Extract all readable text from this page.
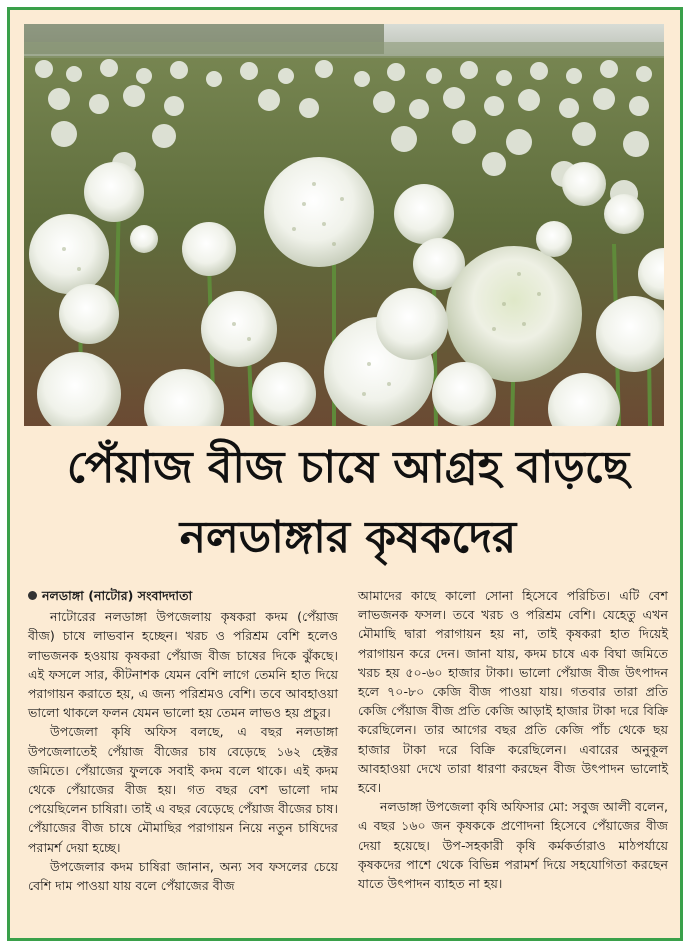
পেঁয়াজ বীজ চাষে আগ্রহ বাড়ছে
নলডাঙ্গার কৃষকদের
নলডাঙ্গা (নাটোর) সংবাদদাতা

নাটোরের নলডাঙ্গা উপজেলায় কৃষকরা কদম (পেঁয়াজ বীজ) চাষে লাভবান হচ্ছেন। খরচ ও পরিশ্রম বেশি হলেও লাভজনক হওয়ায় কৃষকরা পেঁয়াজ বীজ চাষের দিকে ঝুঁকছে। এই ফসলে সার, কীটনাশক যেমন বেশি লাগে তেমনি হাত দিয়ে পরাগায়ন করাতে হয়, এ জন্য পরিশ্রমও বেশি। তবে আবহাওয়া ভালো থাকলে ফলন যেমন ভালো হয় তেমন লাভও হয় প্রচুর।

উপজেলা কৃষি অফিস বলছে, এ বছর নলডাঙ্গা উপজেলাতেই পেঁয়াজ বীজের চাষ বেড়েছে ১৬২ হেক্টর জমিতে। পেঁয়াজের ফুলকে সবাই কদম বলে থাকে। এই কদম থেকে পেঁয়াজের বীজ হয়। গত বছর বেশ ভালো দাম পেয়েছিলেন চাষিরা। তাই এ বছর বেড়েছে পেঁয়াজ বীজের চাষ। পেঁয়াজের বীজ চাষে মৌমাছির পরাগায়ন নিয়ে নতুন চাষিদের পরামর্শ দেয়া হচ্ছে।

উপজেলার কদম চাষিরা জানান, অন্য সব ফসলের চেয়ে বেশি দাম পাওয়া যায় বলে পেঁয়াজের বীজ

আমাদের কাছে কালো সোনা হিসেবে পরিচিত। এটি বেশ লাভজনক ফসল। তবে খরচ ও পরিশ্রম বেশি। যেহেতু এখন মৌমাছি দ্বারা পরাগায়ন হয় না, তাই কৃষকরা হাত দিয়েই পরাগায়ন করে দেন। জানা যায়, কদম চাষে এক বিঘা জমিতে খরচ হয় ৫০-৬০ হাজার টাকা। ভালো পেঁয়াজ বীজ উৎপাদন হলে ৭০-৮০ কেজি বীজ পাওয়া যায়। গতবার তারা প্রতি কেজি পেঁয়াজ বীজ প্রতি কেজি আড়াই হাজার টাকা দরে বিক্রি করেছিলেন। তার আগের বছর প্রতি কেজি পাঁচ থেকে ছয় হাজার টাকা দরে বিক্রি করেছিলেন। এবারের অনুকূল আবহাওয়া দেখে তারা ধারণা করছেন বীজ উৎপাদন ভালোই হবে।

নলডাঙ্গা উপজেলা কৃষি অফিসার মো: সবুজ আলী বলেন, এ বছর ১৬০ জন কৃষককে প্রণোদনা হিসেবে পেঁয়াজের বীজ দেয়া হয়েছে। উপ-সহকারী কৃষি কর্মকর্তারাও মাঠপর্যায়ে কৃষকদের পাশে থেকে বিভিন্ন পরামর্শ দিয়ে সহযোগিতা করছেন যাতে উৎপাদন ব্যাহত না হয়।
